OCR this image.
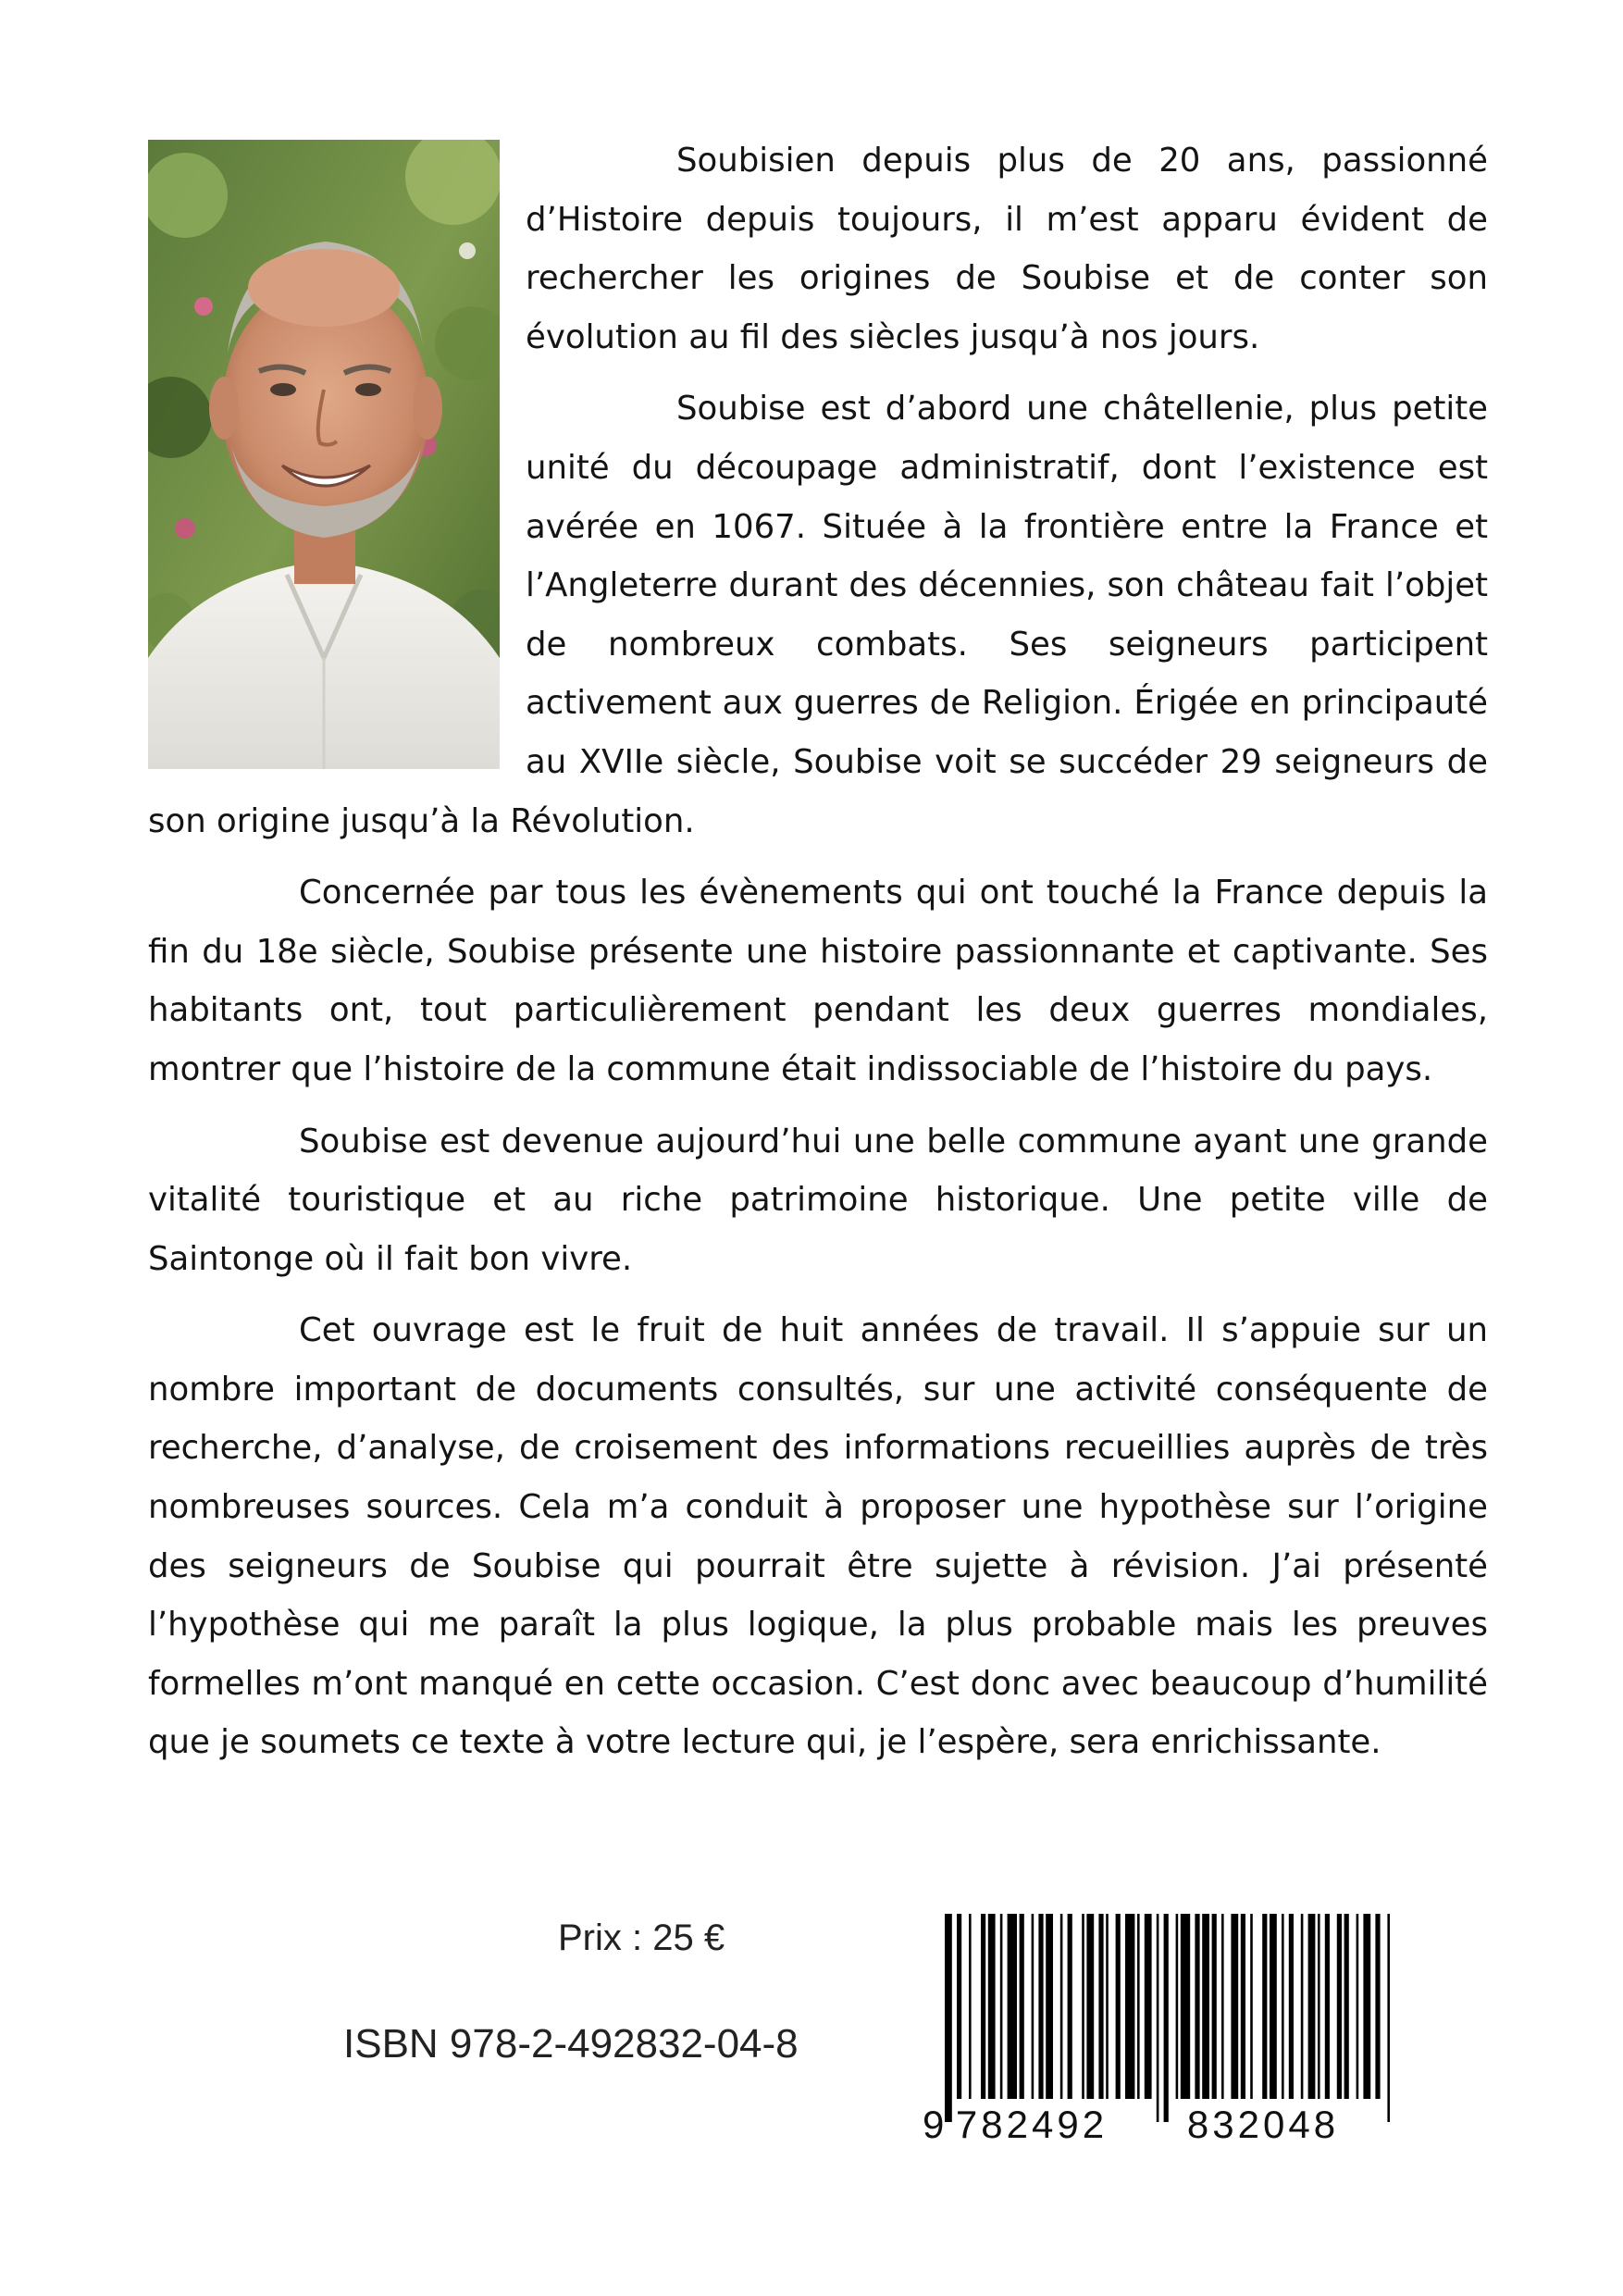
Soubisien depuis plus de 20 ans, passionné d’Histoire depuis toujours, il m’est apparu évident de rechercher les origines de Soubise et de conter son évolution au fil des siècles jusqu’à nos jours.

Soubise est d’abord une châtellenie, plus petite unité du découpage administratif, dont l’existence est avérée en 1067. Située à la frontière entre la France et l’Angleterre durant des décennies, son château fait l’objet de nombreux combats. Ses seigneurs participent activement aux guerres de Religion. Érigée en principauté au XVIIe siècle, Soubise voit se succéder 29 seigneurs de son origine jusqu’à la Révolution.

Concernée par tous les évènements qui ont touché la France depuis la fin du 18e siècle, Soubise présente une histoire passionnante et captivante. Ses habitants ont, tout particulièrement pendant les deux guerres mondiales, montrer que l’histoire de la commune était indissociable de l’histoire du pays.

Soubise est devenue aujourd’hui une belle commune ayant une grande vitalité touristique et au riche patrimoine historique. Une petite ville de Saintonge où il fait bon vivre.

Cet ouvrage est le fruit de huit années de travail. Il s’appuie sur un nombre important de documents consultés, sur une activité conséquente de recherche, d’analyse, de croisement des informations recueillies auprès de très nombreuses sources. Cela m’a conduit à proposer une hypothèse sur l’origine des seigneurs de Soubise qui pourrait être sujette à révision. J’ai présenté l’hypothèse qui me paraît la plus logique, la plus probable mais les preuves formelles m’ont manqué en cette occasion. C’est donc avec beaucoup d’humilité que je soumets ce texte à votre lecture qui, je l’espère, sera enrichissante.

Prix : 25 €
ISBN 978-2-492832-04-8
9 782492 832048
